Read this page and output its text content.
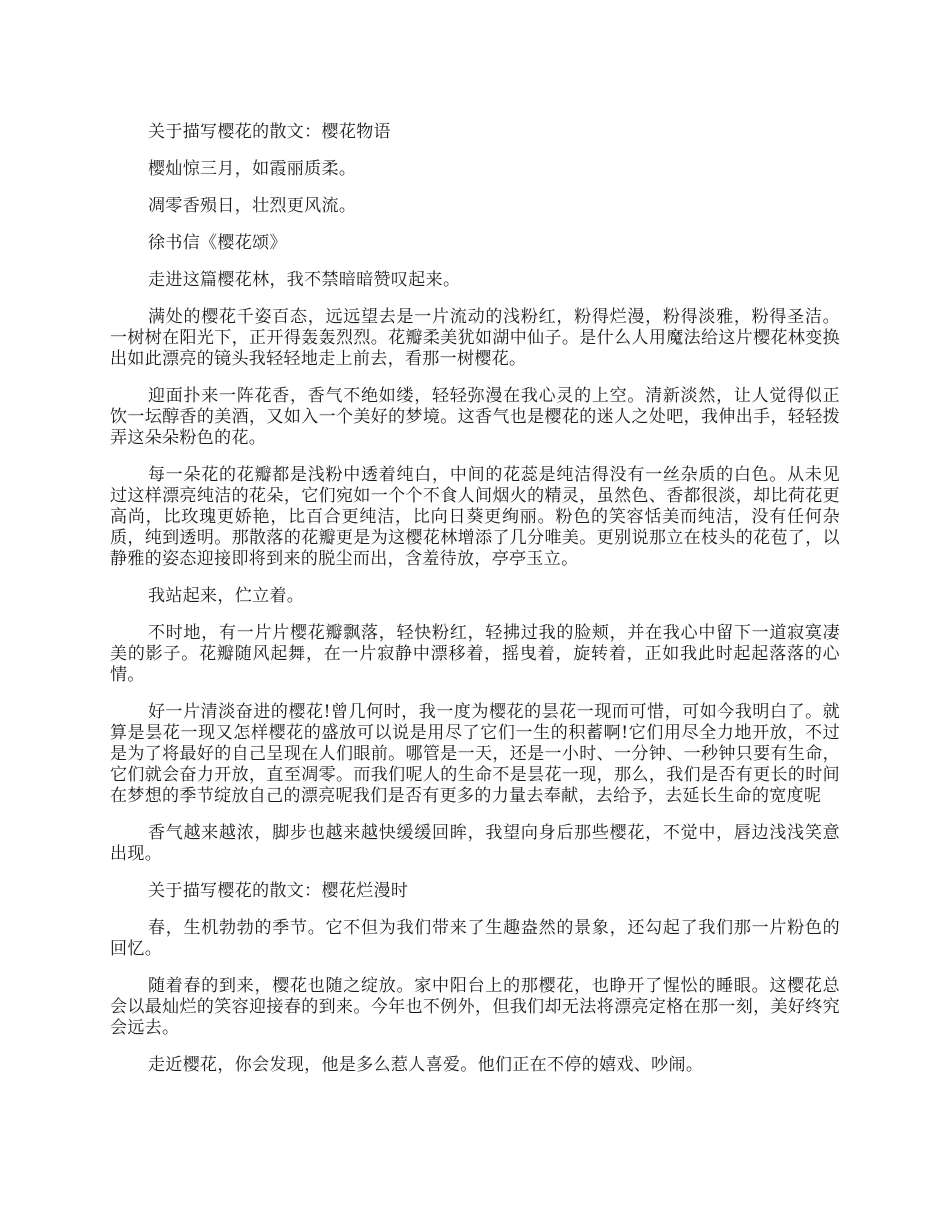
关于描写樱花的散文：樱花物语

樱灿惊三月，如霞丽质柔。

凋零香殒日，壮烈更风流。

徐书信《樱花颂》

走进这篇樱花林，我不禁暗暗赞叹起来。

满处的樱花千姿百态，远远望去是一片流动的浅粉红，粉得烂漫，粉得淡雅，粉得圣洁。一树树在阳光下，正开得轰轰烈烈。花瓣柔美犹如湖中仙子。是什么人用魔法给这片樱花林变换出如此漂亮的镜头我轻轻地走上前去，看那一树樱花。

迎面扑来一阵花香，香气不绝如缕，轻轻弥漫在我心灵的上空。清新淡然，让人觉得似正饮一坛醇香的美酒，又如入一个美好的梦境。这香气也是樱花的迷人之处吧，我伸出手，轻轻拨弄这朵朵粉色的花。

每一朵花的花瓣都是浅粉中透着纯白，中间的花蕊是纯洁得没有一丝杂质的白色。从未见过这样漂亮纯洁的花朵，它们宛如一个个不食人间烟火的精灵，虽然色、香都很淡，却比荷花更高尚，比玫瑰更娇艳，比百合更纯洁，比向日葵更绚丽。粉色的笑容恬美而纯洁，没有任何杂质，纯到透明。那散落的花瓣更是为这樱花林增添了几分唯美。更别说那立在枝头的花苞了，以静雅的姿态迎接即将到来的脱尘而出，含羞待放，亭亭玉立。

我站起来，伫立着。

不时地，有一片片樱花瓣飘落，轻快粉红，轻拂过我的脸颊，并在我心中留下一道寂寞凄美的影子。花瓣随风起舞，在一片寂静中漂移着，摇曳着，旋转着，正如我此时起起落落的心情。

好一片清淡奋进的樱花!曾几何时，我一度为樱花的昙花一现而可惜，可如今我明白了。就算是昙花一现又怎样樱花的盛放可以说是用尽了它们一生的积蓄啊!它们用尽全力地开放，不过是为了将最好的自己呈现在人们眼前。哪管是一天，还是一小时、一分钟、一秒钟只要有生命，它们就会奋力开放，直至凋零。而我们呢人的生命不是昙花一现，那么，我们是否有更长的时间在梦想的季节绽放自己的漂亮呢我们是否有更多的力量去奉献，去给予，去延长生命的宽度呢

香气越来越浓，脚步也越来越快缓缓回眸，我望向身后那些樱花，不觉中，唇边浅浅笑意出现。

关于描写樱花的散文：樱花烂漫时

春，生机勃勃的季节。它不但为我们带来了生趣盎然的景象，还勾起了我们那一片粉色的回忆。

随着春的到来，樱花也随之绽放。家中阳台上的那樱花，也睁开了惺忪的睡眼。这樱花总会以最灿烂的笑容迎接春的到来。今年也不例外，但我们却无法将漂亮定格在那一刻，美好终究会远去。

走近樱花，你会发现，他是多么惹人喜爱。他们正在不停的嬉戏、吵闹。
